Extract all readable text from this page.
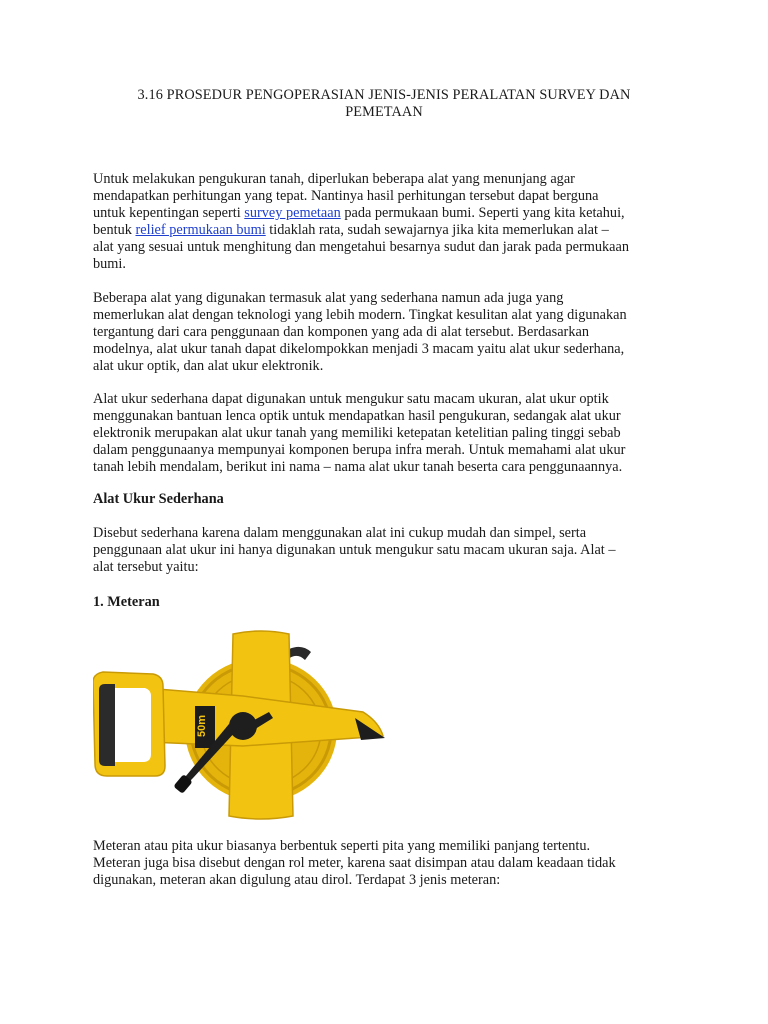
3.16 PROSEDUR PENGOPERASIAN JENIS-JENIS PERALATAN SURVEY DAN
PEMETAAN

Untuk melakukan pengukuran tanah, diperlukan beberapa alat yang menunjang agar
mendapatkan perhitungan yang tepat. Nantinya hasil perhitungan tersebut dapat berguna
untuk kepentingan seperti survey pemetaan pada permukaan bumi. Seperti yang kita ketahui,
bentuk relief permukaan bumi tidaklah rata, sudah sewajarnya jika kita memerlukan alat –
alat yang sesuai untuk menghitung dan mengetahui besarnya sudut dan jarak pada permukaan
bumi.

Beberapa alat yang digunakan termasuk alat yang sederhana namun ada juga yang
memerlukan alat dengan teknologi yang lebih modern. Tingkat kesulitan alat yang digunakan
tergantung dari cara penggunaan dan komponen yang ada di alat tersebut. Berdasarkan
modelnya, alat ukur tanah dapat dikelompokkan menjadi 3 macam yaitu alat ukur sederhana,
alat ukur optik, dan alat ukur elektronik.

Alat ukur sederhana dapat digunakan untuk mengukur satu macam ukuran, alat ukur optik
menggunakan bantuan lenca optik untuk mendapatkan hasil pengukuran, sedangak alat ukur
elektronik merupakan alat ukur tanah yang memiliki ketepatan ketelitian paling tinggi sebab
dalam penggunaanya mempunyai komponen berupa infra merah. Untuk memahami alat ukur
tanah lebih mendalam, berikut ini nama – nama alat ukur tanah beserta cara penggunaannya.

Alat Ukur Sederhana

Disebut sederhana karena dalam menggunakan alat ini cukup mudah dan simpel, serta
penggunaan alat ukur ini hanya digunakan untuk mengukur satu macam ukuran saja. Alat –
alat tersebut yaitu:

1. Meteran
50m

Meteran atau pita ukur biasanya berbentuk seperti pita yang memiliki panjang tertentu.
Meteran juga bisa disebut dengan rol meter, karena saat disimpan atau dalam keadaan tidak
digunakan, meteran akan digulung atau dirol. Terdapat 3 jenis meteran:
